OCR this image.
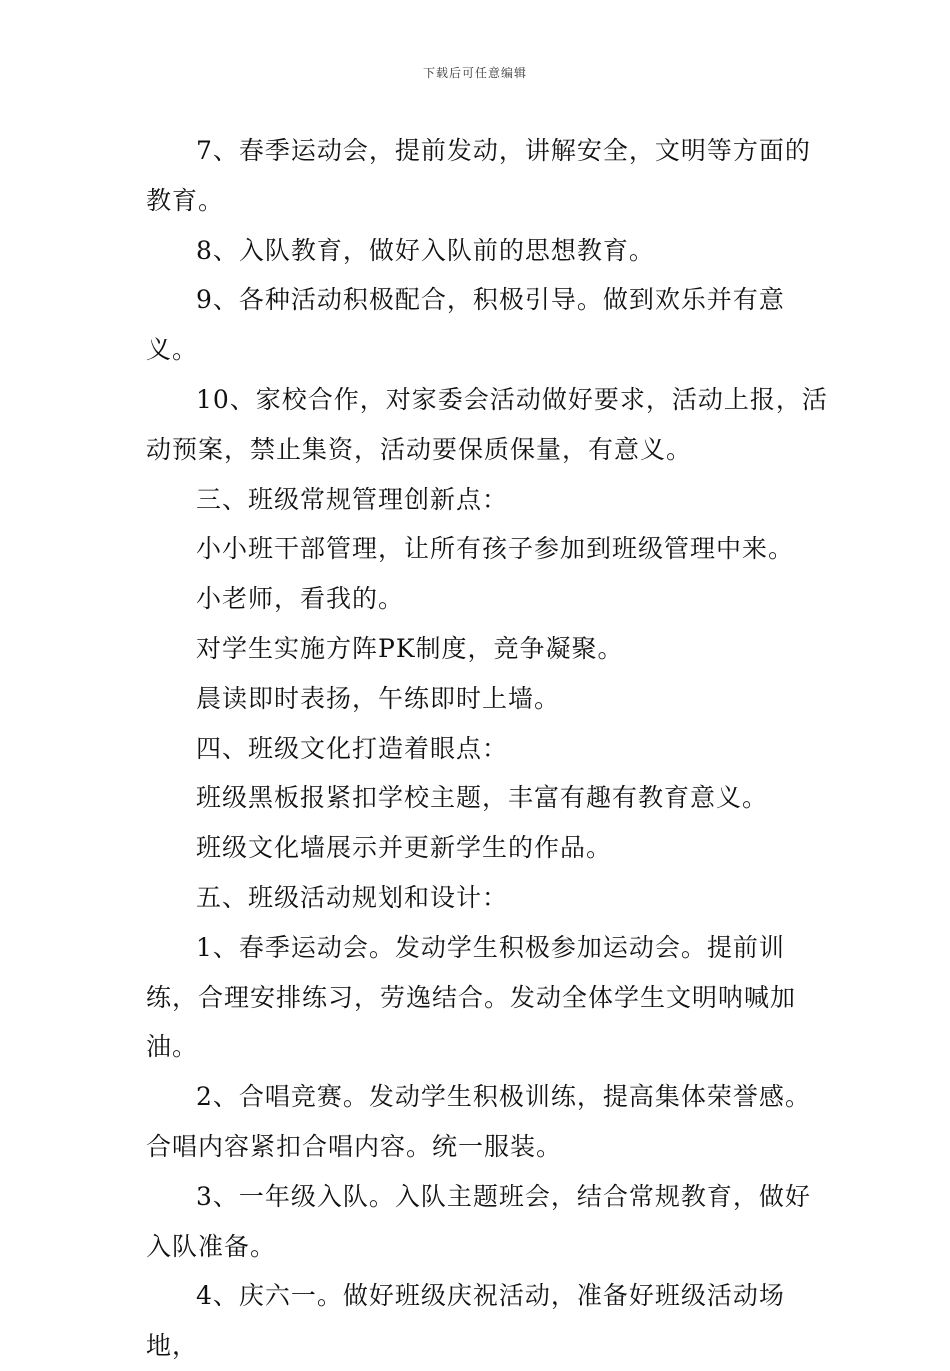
下载后可任意编辑

7、春季运动会，提前发动，讲解安全，文明等方面的教育。

8、入队教育，做好入队前的思想教育。

9、各种活动积极配合，积极引导。做到欢乐并有意义。

10、家校合作，对家委会活动做好要求，活动上报，活动预案，禁止集资，活动要保质保量，有意义。

三、班级常规管理创新点：

小小班干部管理，让所有孩子参加到班级管理中来。

小老师，看我的。

对学生实施方阵PK制度，竞争凝聚。

晨读即时表扬，午练即时上墙。

四、班级文化打造着眼点：

班级黑板报紧扣学校主题，丰富有趣有教育意义。

班级文化墙展示并更新学生的作品。

五、班级活动规划和设计：

1、春季运动会。发动学生积极参加运动会。提前训练，合理安排练习，劳逸结合。发动全体学生文明呐喊加油。

2、合唱竞赛。发动学生积极训练，提高集体荣誉感。合唱内容紧扣合唱内容。统一服装。

3、一年级入队。入队主题班会，结合常规教育，做好入队准备。

4、庆六一。做好班级庆祝活动，准备好班级活动场地，
